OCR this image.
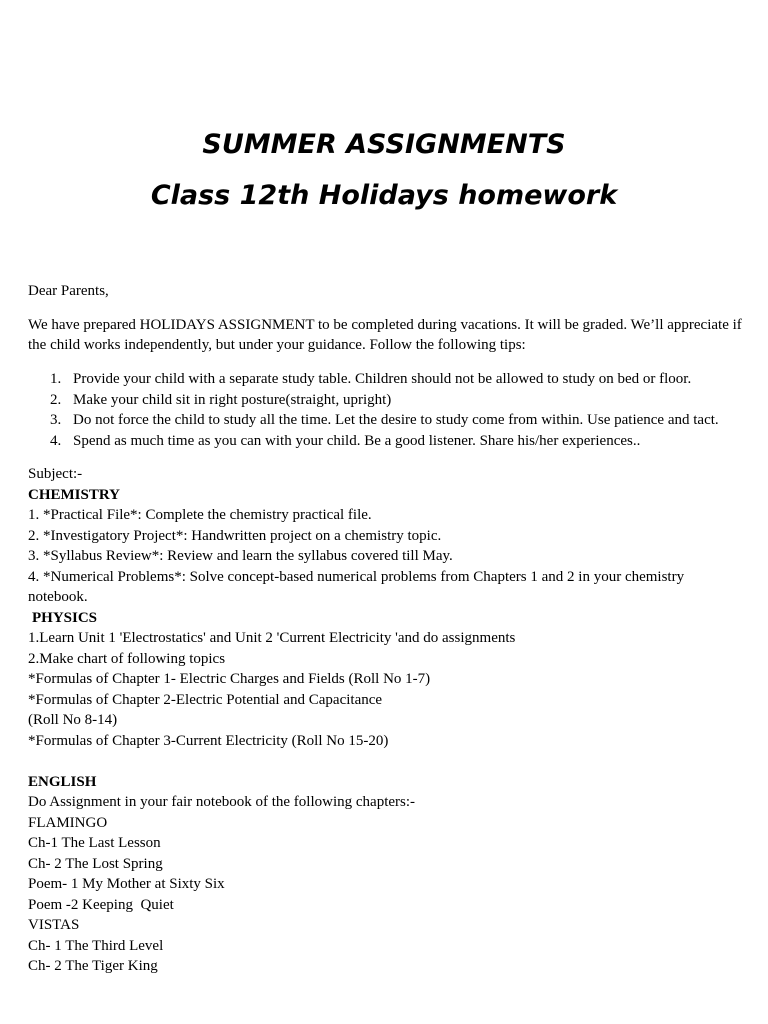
SUMMER ASSIGNMENTS
Class 12th Holidays homework
Dear Parents,
We have prepared HOLIDAYS ASSIGNMENT to be completed during vacations. It will be graded. We’ll appreciate if the child works independently, but under your guidance. Follow the following tips:
1. Provide your child with a separate study table. Children should not be allowed to study on bed or floor.
2. Make your child sit in right posture(straight, upright)
3. Do not force the child to study all the time. Let the desire to study come from within. Use patience and tact.
4. Spend as much time as you can with your child. Be a good listener. Share his/her experiences..
Subject:-
CHEMISTRY
1. *Practical File*: Complete the chemistry practical file.
2. *Investigatory Project*: Handwritten project on a chemistry topic.
3. *Syllabus Review*: Review and learn the syllabus covered till May.
4. *Numerical Problems*: Solve concept-based numerical problems from Chapters 1 and 2 in your chemistry notebook.
PHYSICS
1.Learn Unit 1 'Electrostatics' and Unit 2 'Current Electricity 'and do assignments
2.Make chart of following topics
*Formulas of Chapter 1- Electric Charges and Fields (Roll No 1-7)
*Formulas of Chapter 2-Electric Potential and Capacitance
(Roll No 8-14)
*Formulas of Chapter 3-Current Electricity (Roll No 15-20)
ENGLISH
Do Assignment in your fair notebook of the following chapters:-
FLAMINGO
Ch-1 The Last Lesson
Ch- 2 The Lost Spring
Poem- 1 My Mother at Sixty Six
Poem -2 Keeping  Quiet
VISTAS
Ch- 1 The Third Level
Ch- 2 The Tiger King
